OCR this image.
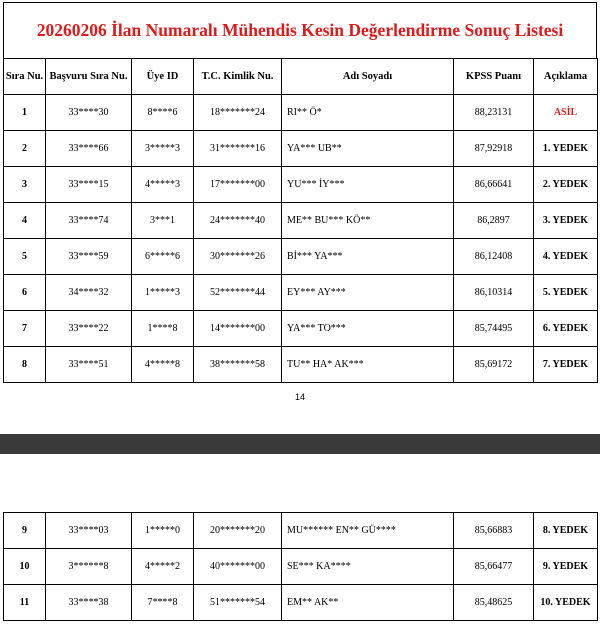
20260206 İlan Numaralı Mühendis Kesin Değerlendirme Sonuç Listesi
Sıra Nu.	Başvuru Sıra Nu.	Üye ID	T.C. Kimlik Nu.	Adı Soyadı	KPSS Puanı	Açıklama
1	33****30	8****6	18*******24	RI** Ö*	88,23131	ASİL
2	33****66	3*****3	31*******16	YA*** UB**	87,92918	1. YEDEK
3	33****15	4*****3	17*******00	YU*** İY***	86,66641	2. YEDEK
4	33****74	3***1	24*******40	ME** BU*** KÖ**	86,2897	3. YEDEK
5	33****59	6*****6	30*******26	Bİ*** YA***	86,12408	4. YEDEK
6	34****32	1*****3	52*******44	EY*** AY***	86,10314	5. YEDEK
7	33****22	1****8	14*******00	YA*** TO***	85,74495	6. YEDEK
8	33****51	4*****8	38*******58	TU** HA* AK***	85,69172	7. YEDEK
14
9	33****03	1*****0	20*******20	MU****** EN** GÜ****	85,66883	8. YEDEK
10	3******8	4*****2	40*******00	SE*** KA****	85,66477	9. YEDEK
11	33****38	7****8	51*******54	EM** AK**	85,48625	10. YEDEK
